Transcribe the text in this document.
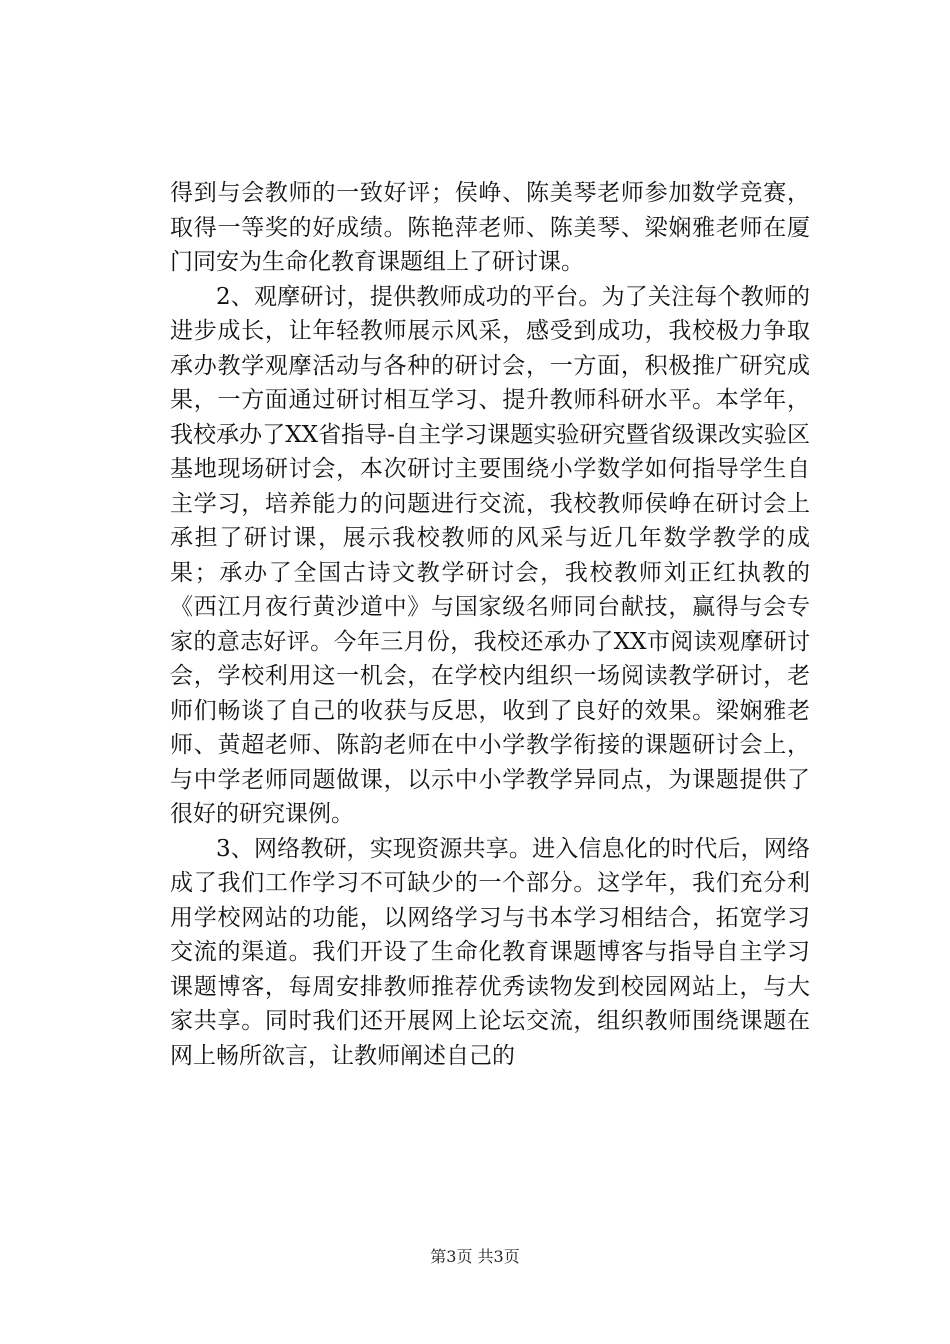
得到与会教师的一致好评；侯峥、陈美琴老师参加数学竞赛，取得一等奖的好成绩。陈艳萍老师、陈美琴、梁娴雅老师在厦门同安为生命化教育课题组上了研讨课。

2、观摩研讨，提供教师成功的平台。为了关注每个教师的进步成长，让年轻教师展示风采，感受到成功，我校极力争取承办教学观摩活动与各种的研讨会，一方面，积极推广研究成果，一方面通过研讨相互学习、提升教师科研水平。本学年，我校承办了XX省指导-自主学习课题实验研究暨省级课改实验区基地现场研讨会，本次研讨主要围绕小学数学如何指导学生自主学习，培养能力的问题进行交流，我校教师侯峥在研讨会上承担了研讨课，展示我校教师的风采与近几年数学教学的成果；承办了全国古诗文教学研讨会，我校教师刘正红执教的《西江月夜行黄沙道中》与国家级名师同台献技，赢得与会专家的意志好评。今年三月份，我校还承办了XX市阅读观摩研讨会，学校利用这一机会，在学校内组织一场阅读教学研讨，老师们畅谈了自己的收获与反思，收到了良好的效果。梁娴雅老师、黄超老师、陈韵老师在中小学教学衔接的课题研讨会上，与中学老师同题做课，以示中小学教学异同点，为课题提供了很好的研究课例。

3、网络教研，实现资源共享。进入信息化的时代后，网络成了我们工作学习不可缺少的一个部分。这学年，我们充分利用学校网站的功能，以网络学习与书本学习相结合，拓宽学习交流的渠道。我们开设了生命化教育课题博客与指导自主学习课题博客，每周安排教师推荐优秀读物发到校园网站上，与大家共享。同时我们还开展网上论坛交流，组织教师围绕课题在网上畅所欲言，让教师阐述自己的

第3页 共3页
